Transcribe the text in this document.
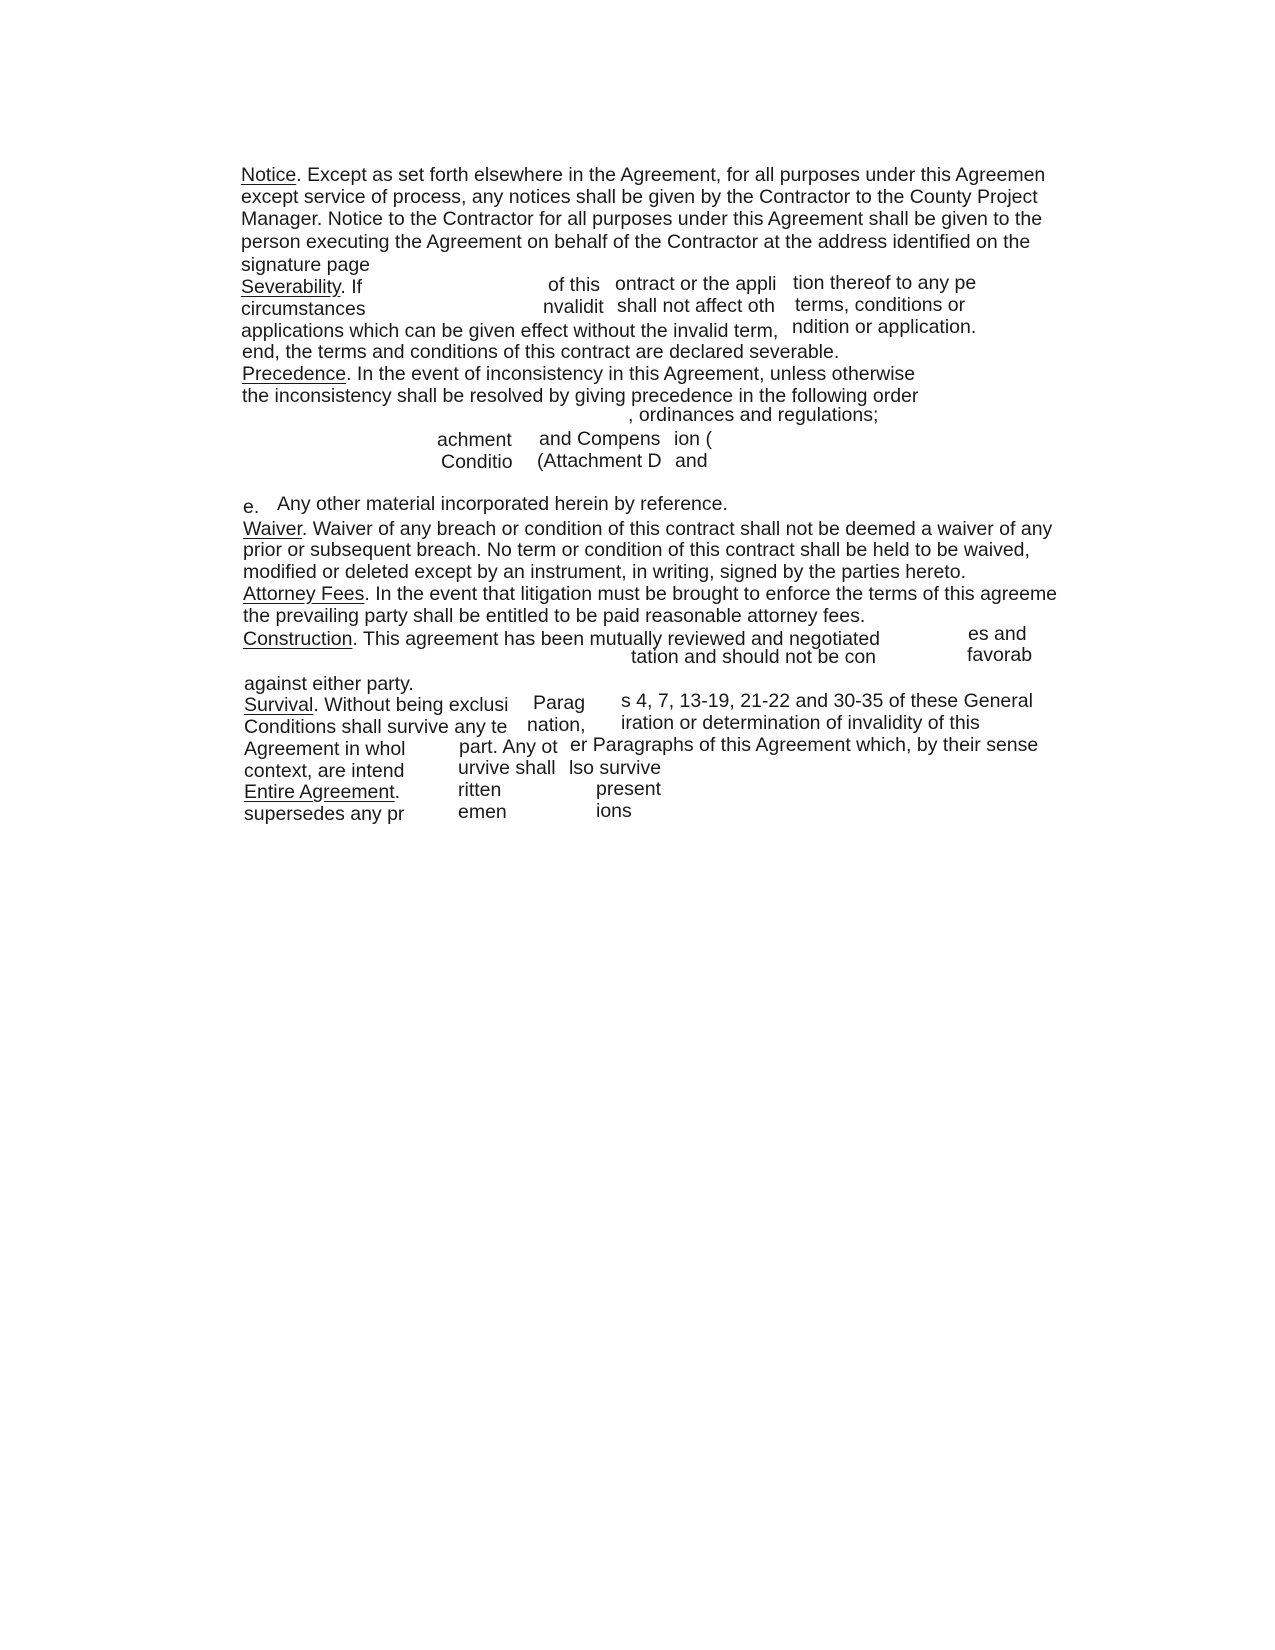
Notice. Except as set forth elsewhere in the Agreement, for all purposes under this Agreemen

except service of process, any notices shall be given by the Contractor to the County Project

Manager. Notice to the Contractor for all purposes under this Agreement shall be given to the

person executing the Agreement on behalf of the Contractor at the address identified on the

signature page

Severability. If	of this ontract or the appli tion thereof to any pe

circumstances	nvalidit shall not affect oth terms, conditions or

applications which can be given effect without the invalid term, ndition or application.

end, the terms and conditions of this contract are declared severable.

Precedence. In the event of inconsistency in this Agreement, unless otherwise

the inconsistency shall be resolved by giving precedence in the following order

, ordinances and regulations;

achment and Compens ion (

Conditio (Attachment D and

e. Any other material incorporated herein by reference.

Waiver. Waiver of any breach or condition of this contract shall not be deemed a waiver of any

prior or subsequent breach. No term or condition of this contract shall be held to be waived,

modified or deleted except by an instrument, in writing, signed by the parties hereto.

Attorney Fees. In the event that litigation must be brought to enforce the terms of this agreeme

the prevailing party shall be entitled to be paid reasonable attorney fees.

Construction. This agreement has been mutually reviewed and negotiated	es and

tation and should not be con	favorab

against either party.

Survival. Without being exclusi Parag s 4, 7, 13-19, 21-22 and 30-35 of these General

Conditions shall survive any te nation, iration or determination of invalidity of this

Agreement in whol	part. Any ot er Paragraphs of this Agreement which, by their sense

context, are intend	urvive shall lso survive

Entire Agreement.	ritten	present

supersedes any pr	emen	ions
